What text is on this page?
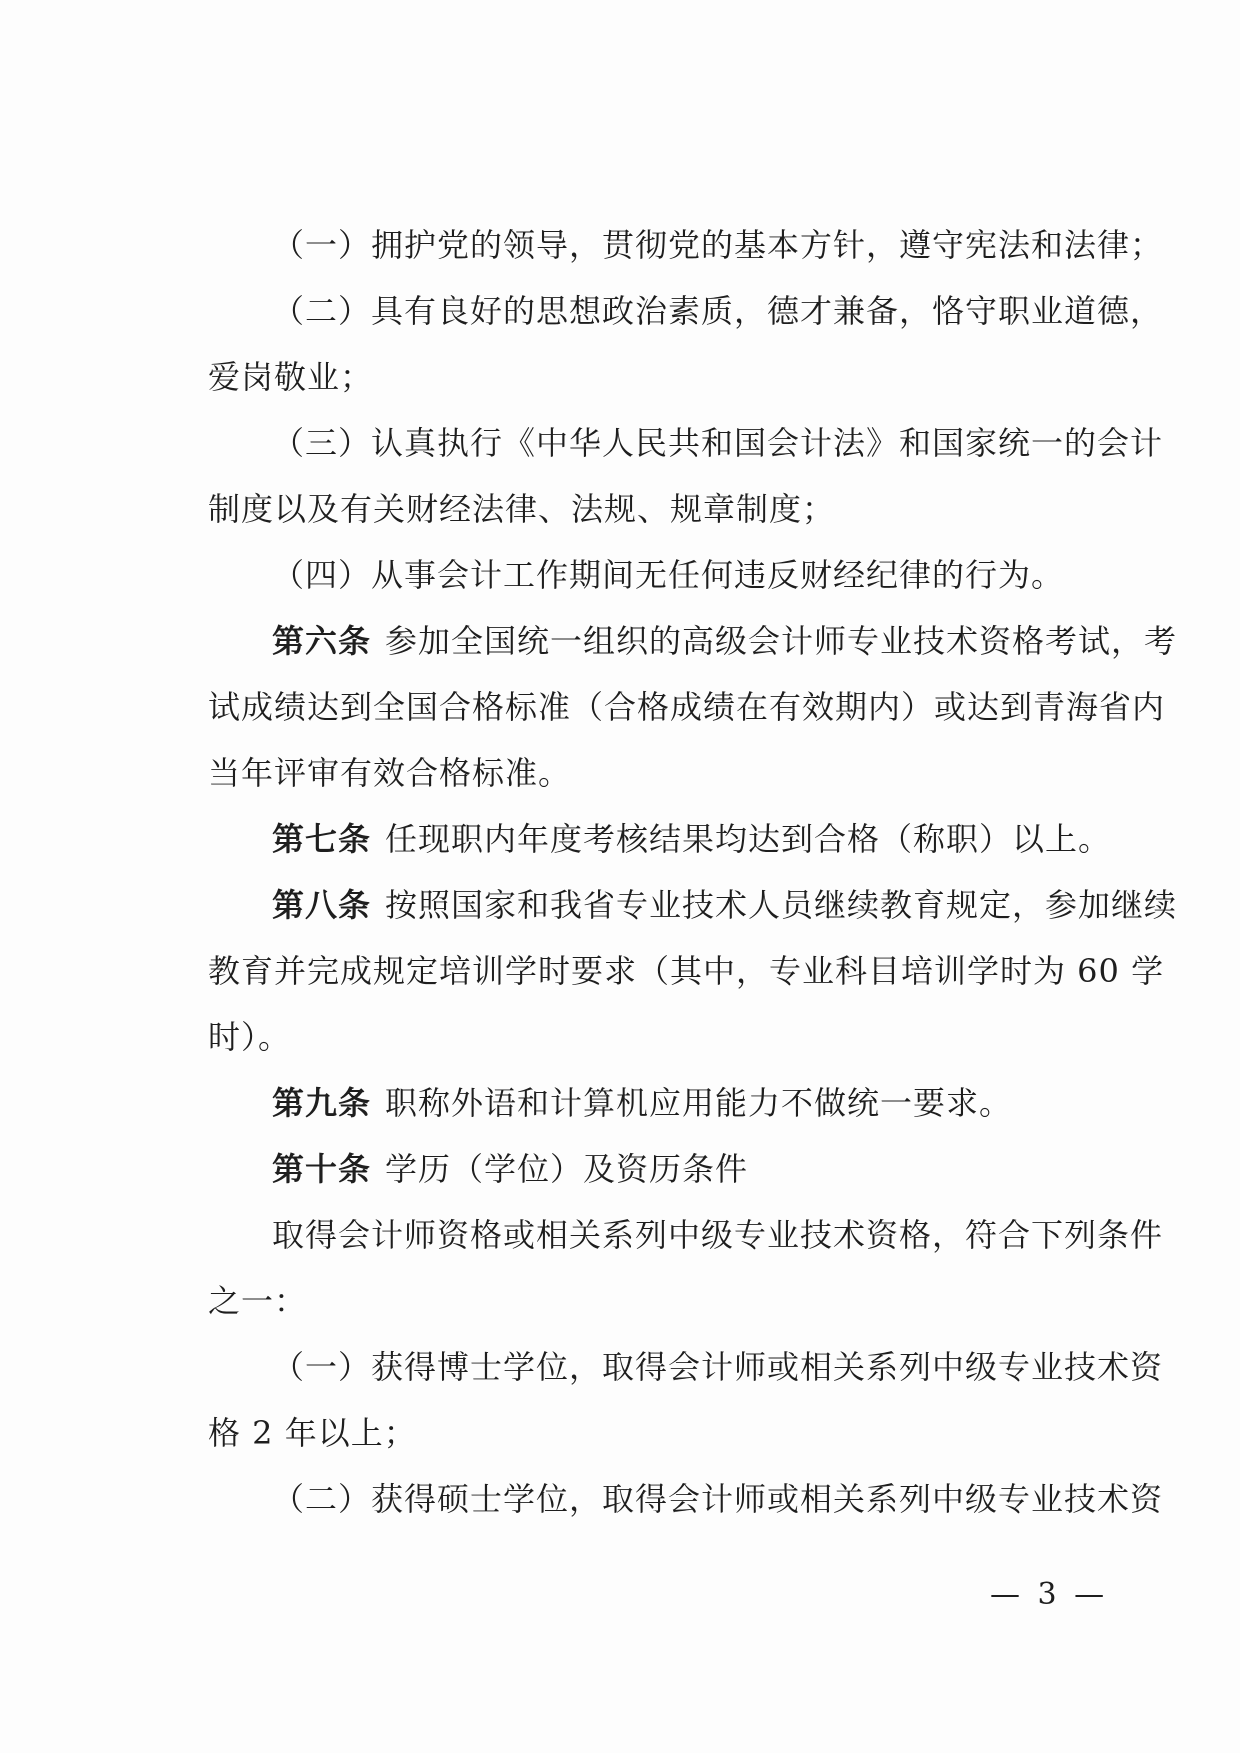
（一）拥护党的领导，贯彻党的基本方针，遵守宪法和法律；
（二）具有良好的思想政治素质，德才兼备，恪守职业道德，
爱岗敬业；
（三）认真执行《中华人民共和国会计法》和国家统一的会计
制度以及有关财经法律、法规、规章制度；
（四）从事会计工作期间无任何违反财经纪律的行为。
第六条 参加全国统一组织的高级会计师专业技术资格考试，考
试成绩达到全国合格标准（合格成绩在有效期内）或达到青海省内
当年评审有效合格标准。
第七条 任现职内年度考核结果均达到合格（称职）以上。
第八条 按照国家和我省专业技术人员继续教育规定，参加继续
教育并完成规定培训学时要求（其中，专业科目培训学时为 60 学
时）。
第九条 职称外语和计算机应用能力不做统一要求。
第十条 学历（学位）及资历条件
取得会计师资格或相关系列中级专业技术资格，符合下列条件
之一：
（一）获得博士学位，取得会计师或相关系列中级专业技术资
格 2 年以上；
（二）获得硕士学位，取得会计师或相关系列中级专业技术资
— 3 —
